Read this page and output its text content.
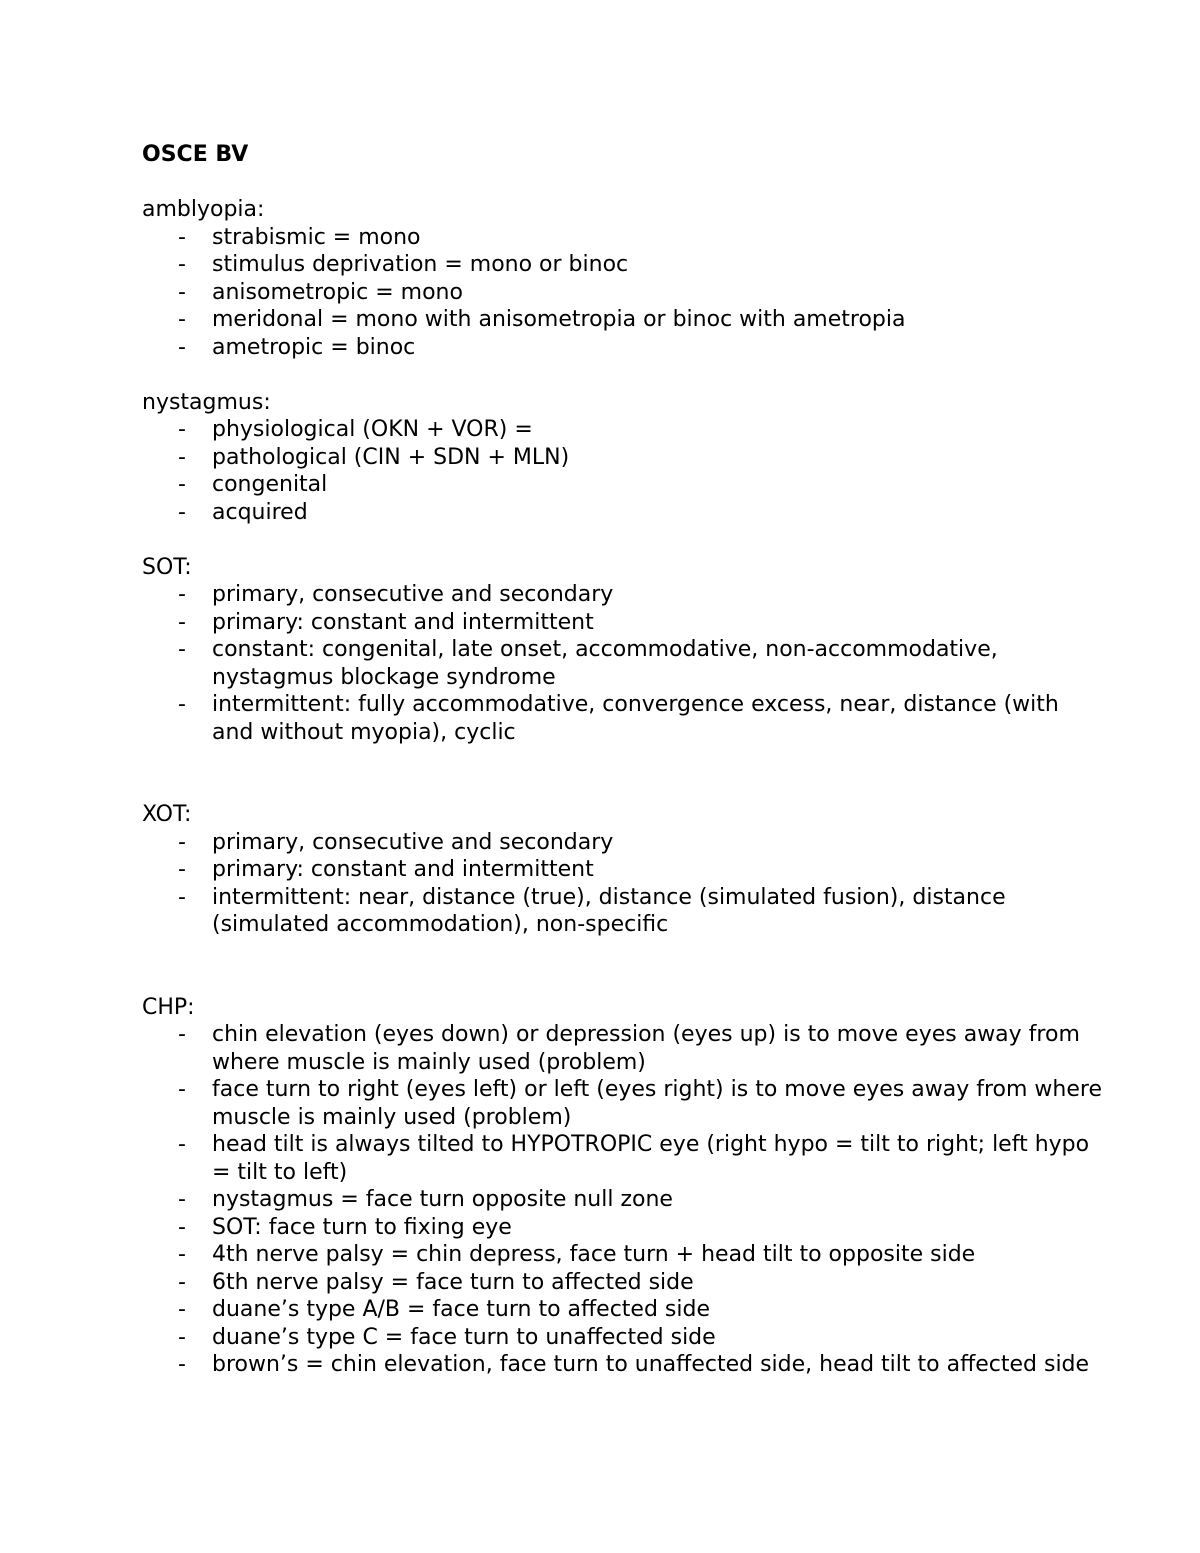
OSCE BV
amblyopia:
- strabismic = mono
- stimulus deprivation = mono or binoc
- anisometropic = mono
- meridonal = mono with anisometropia or binoc with ametropia
- ametropic = binoc
nystagmus:
- physiological (OKN + VOR) =
- pathological (CIN + SDN + MLN)
- congenital
- acquired
SOT:
- primary, consecutive and secondary
- primary: constant and intermittent
- constant: congenital, late onset, accommodative, non-accommodative, nystagmus blockage syndrome
- intermittent: fully accommodative, convergence excess, near, distance (with and without myopia), cyclic
XOT:
- primary, consecutive and secondary
- primary: constant and intermittent
- intermittent: near, distance (true), distance (simulated fusion), distance (simulated accommodation), non-specific
CHP:
- chin elevation (eyes down) or depression (eyes up) is to move eyes away from where muscle is mainly used (problem)
- face turn to right (eyes left) or left (eyes right) is to move eyes away from where muscle is mainly used (problem)
- head tilt is always tilted to HYPOTROPIC eye (right hypo = tilt to right; left hypo = tilt to left)
- nystagmus = face turn opposite null zone
- SOT: face turn to fixing eye
- 4th nerve palsy = chin depress, face turn + head tilt to opposite side
- 6th nerve palsy = face turn to affected side
- duane’s type A/B = face turn to affected side
- duane’s type C = face turn to unaffected side
- brown’s = chin elevation, face turn to unaffected side, head tilt to affected side
